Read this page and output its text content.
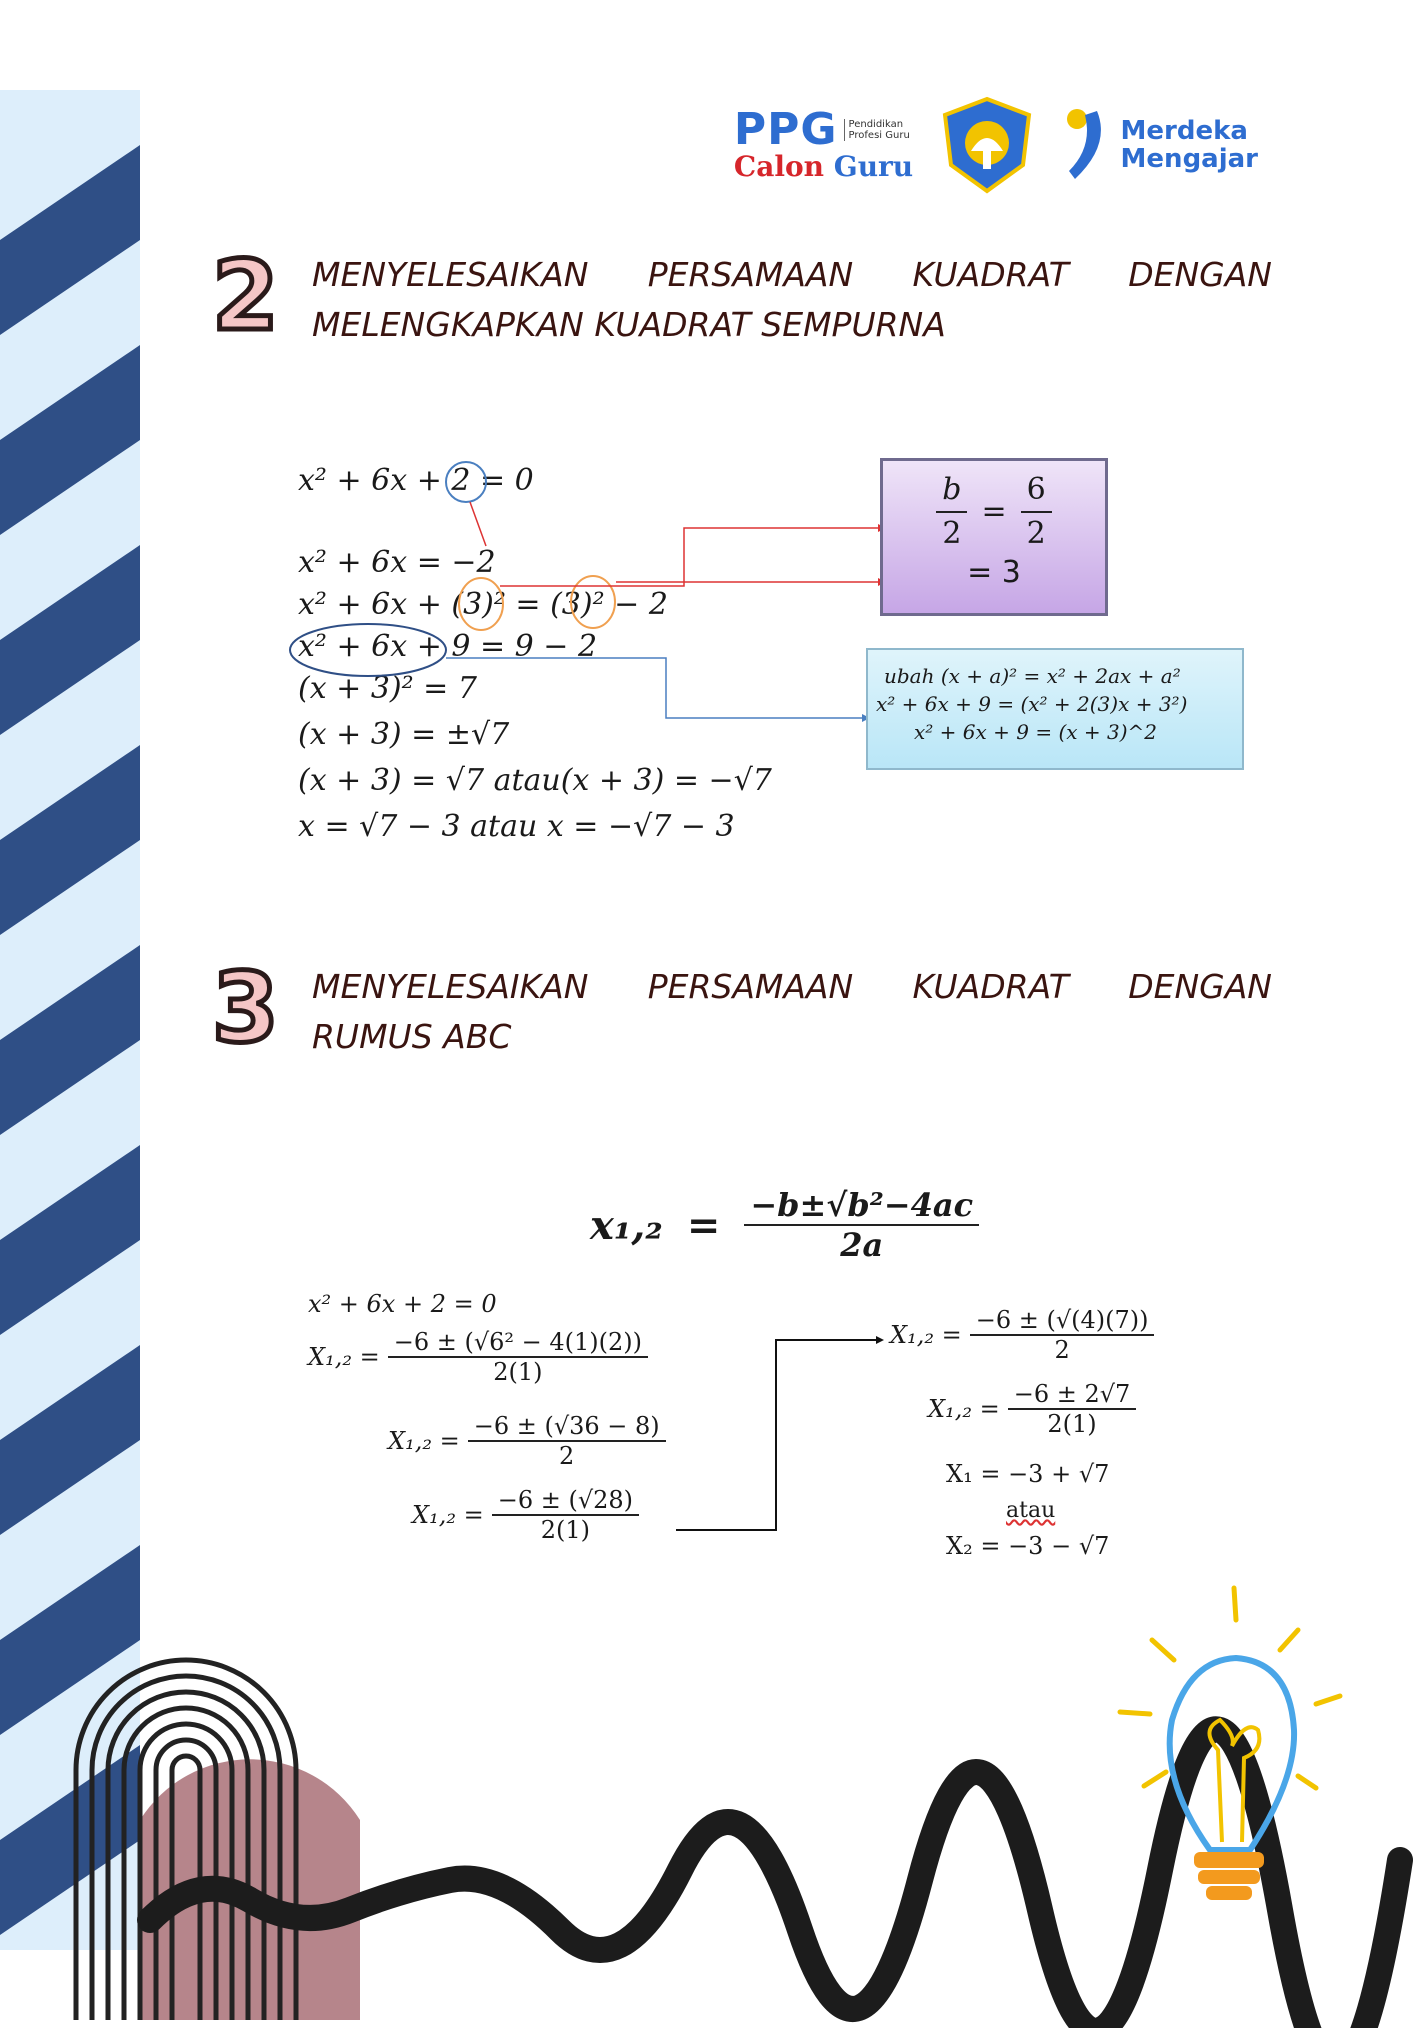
PPG	Pendidikan Profesi Guru
Calon Guru
Merdeka
Mengajar
2 MENYELESAIKAN PERSAMAAN KUADRAT DENGAN
MELENGKAPKAN KUADRAT SEMPURNA
x² + 6x + 2 = 0
x² + 6x = −2
x² + 6x + (3)² = (3)² − 2
x² + 6x + 9 = 9 − 2
(x + 3)² = 7
(x + 3) = ±√7
(x + 3) = √7 atau(x + 3) = −√7
x = √7 − 3 atau x = −√7 − 3
$\frac{b}{2} = \frac{6}{2}$
= 3
ubah (x + a)² = x² + 2ax + a²
x² + 6x + 9 = (x² + 2(3)x + 3²)
x² + 6x + 9 = (x + 3)^2
3 MENYELESAIKAN PERSAMAAN KUADRAT DENGAN
RUMUS ABC
$x_1,_2 = \frac{\text{−b±√b²−4ac}}{2a}$
x² + 6x + 2 = 0
$X_1,_2 = \frac{\text{−6 ± (√6² − 4(1)(2))}}{2(1)}$
$X_1,_2 = \frac{-6 \pm (√36 - 8)}{2}$
$X_1,_2 = \frac{-6 \pm (√28)}{2(1)}$
$X_1,_2 = \frac{-6 \pm (√(4)(7))}{2}$
$X_1,_2 = \frac{-6 \pm 2√7}{2(1)}$
X₁ = −3 + √7
atau
X₂ = −3 − √7
